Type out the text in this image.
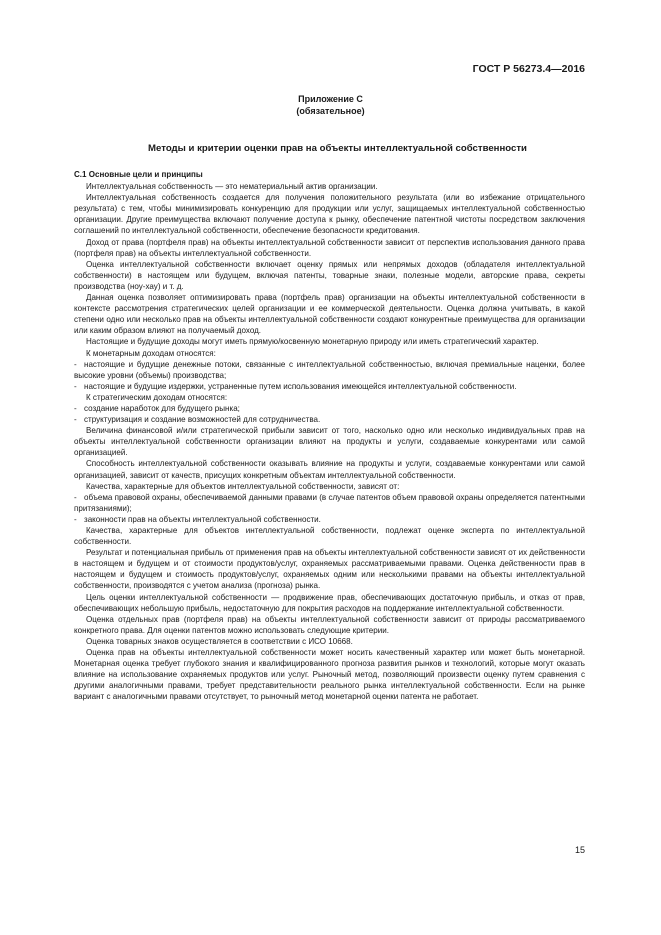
ГОСТ Р 56273.4—2016
Приложение С
(обязательное)
Методы и критерии оценки прав на объекты интеллектуальной собственности
С.1 Основные цели и принципы
Интеллектуальная собственность — это нематериальный актив организации.
Интеллектуальная собственность создается для получения положительного результата (или во избежание отрицательного результата) с тем, чтобы минимизировать конкуренцию для продукции или услуг, защищаемых интеллектуальной собственностью организации. Другие преимущества включают получение доступа к рынку, обеспечение патентной чистоты посредством заключения соглашений по интеллектуальной собственности, обеспечение безопасности кредитования.
Доход от права (портфеля прав) на объекты интеллектуальной собственности зависит от перспектив использования данного права (портфеля прав) на объекты интеллектуальной собственности.
Оценка интеллектуальной собственности включает оценку прямых или непрямых доходов (обладателя интеллектуальной собственности) в настоящем или будущем, включая патенты, товарные знаки, полезные модели, авторские права, секреты производства (ноу-хау) и т. д.
Данная оценка позволяет оптимизировать права (портфель прав) организации на объекты интеллектуальной собственности в контексте рассмотрения стратегических целей организации и ее коммерческой деятельности. Оценка должна учитывать, в какой степени одно или несколько прав на объекты интеллектуальной собственности создают конкурентные преимущества для организации или каким образом влияют на получаемый доход.
Настоящие и будущие доходы могут иметь прямую/косвенную монетарную природу или иметь стратегический характер.
К монетарным доходам относятся:
- настоящие и будущие денежные потоки, связанные с интеллектуальной собственностью, включая премиальные наценки, более высокие уровни (объемы) производства;
- настоящие и будущие издержки, устраненные путем использования имеющейся интеллектуальной собственности.
К стратегическим доходам относятся:
- создание наработок для будущего рынка;
- структуризация и создание возможностей для сотрудничества.
Величина финансовой и/или стратегической прибыли зависит от того, насколько одно или несколько индивидуальных прав на объекты интеллектуальной собственности организации влияют на продукты и услуги, создаваемые конкурентами или самой организацией.
Способность интеллектуальной собственности оказывать влияние на продукты и услуги, создаваемые конкурентами или самой организацией, зависит от качеств, присущих конкретным объектам интеллектуальной собственности.
Качества, характерные для объектов интеллектуальной собственности, зависят от:
- объема правовой охраны, обеспечиваемой данными правами (в случае патентов объем правовой охраны определяется патентными притязаниями);
- законности прав на объекты интеллектуальной собственности.
Качества, характерные для объектов интеллектуальной собственности, подлежат оценке эксперта по интеллектуальной собственности.
Результат и потенциальная прибыль от применения прав на объекты интеллектуальной собственности зависят от их действенности в настоящем и будущем и от стоимости продуктов/услуг, охраняемых рассматриваемыми правами. Оценка действенности прав в настоящем и будущем и стоимость продуктов/услуг, охраняемых одним или несколькими правами на объекты интеллектуальной собственности, производятся с учетом анализа (прогноза) рынка.
Цель оценки интеллектуальной собственности — продвижение прав, обеспечивающих достаточную прибыль, и отказ от прав, обеспечивающих небольшую прибыль, недостаточную для покрытия расходов на поддержание интеллектуальной собственности.
Оценка отдельных прав (портфеля прав) на объекты интеллектуальной собственности зависит от природы рассматриваемого конкретного права. Для оценки патентов можно использовать следующие критерии.
Оценка товарных знаков осуществляется в соответствии с ИСО 10668.
Оценка прав на объекты интеллектуальной собственности может носить качественный характер или может быть монетарной. Монетарная оценка требует глубокого знания и квалифицированного прогноза развития рынков и технологий, которые могут оказать влияние на использование охраняемых продуктов или услуг. Рыночный метод, позволяющий произвести оценку путем сравнения с другими аналогичными правами, требует представительности реального рынка интеллектуальной собственности. Если на рынке вариант с аналогичными правами отсутствует, то рыночный метод монетарной оценки патента не работает.
15
